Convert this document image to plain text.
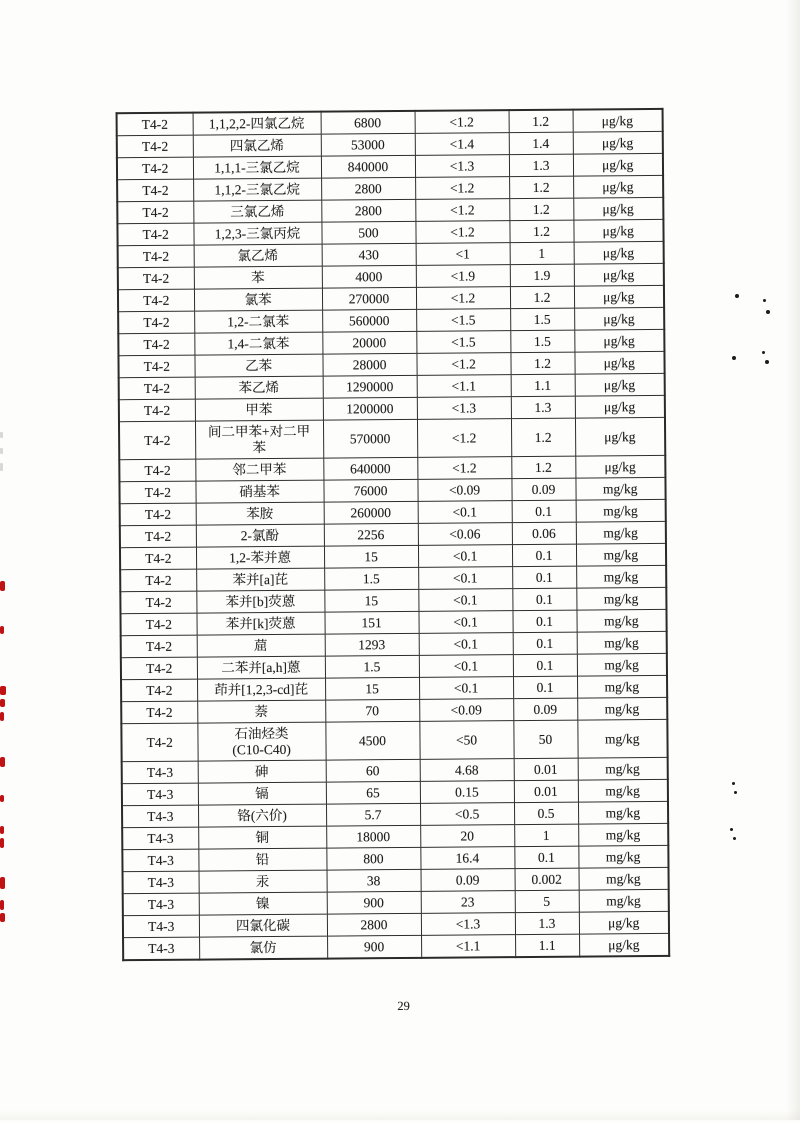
T4-2	1,1,2,2-四氯乙烷	6800	<1.2	1.2	μg/kg
T4-2	四氯乙烯	53000	<1.4	1.4	μg/kg
T4-2	1,1,1-三氯乙烷	840000	<1.3	1.3	μg/kg
T4-2	1,1,2-三氯乙烷	2800	<1.2	1.2	μg/kg
T4-2	三氯乙烯	2800	<1.2	1.2	μg/kg
T4-2	1,2,3-三氯丙烷	500	<1.2	1.2	μg/kg
T4-2	氯乙烯	430	<1	1	μg/kg
T4-2	苯	4000	<1.9	1.9	μg/kg
T4-2	氯苯	270000	<1.2	1.2	μg/kg
T4-2	1,2-二氯苯	560000	<1.5	1.5	μg/kg
T4-2	1,4-二氯苯	20000	<1.5	1.5	μg/kg
T4-2	乙苯	28000	<1.2	1.2	μg/kg
T4-2	苯乙烯	1290000	<1.1	1.1	μg/kg
T4-2	甲苯	1200000	<1.3	1.3	μg/kg
T4-2	间二甲苯+对二甲
苯	570000	<1.2	1.2	μg/kg
T4-2	邻二甲苯	640000	<1.2	1.2	μg/kg
T4-2	硝基苯	76000	<0.09	0.09	mg/kg
T4-2	苯胺	260000	<0.1	0.1	mg/kg
T4-2	2-氯酚	2256	<0.06	0.06	mg/kg
T4-2	1,2-苯并蒽	15	<0.1	0.1	mg/kg
T4-2	苯并[a]芘	1.5	<0.1	0.1	mg/kg
T4-2	苯并[b]荧蒽	15	<0.1	0.1	mg/kg
T4-2	苯并[k]荧蒽	151	<0.1	0.1	mg/kg
T4-2	䓛	1293	<0.1	0.1	mg/kg
T4-2	二苯并[a,h]蒽	1.5	<0.1	0.1	mg/kg
T4-2	茚并[1,2,3-cd]芘	15	<0.1	0.1	mg/kg
T4-2	萘	70	<0.09	0.09	mg/kg
T4-2	石油烃类
(C10-C40)	4500	<50	50	mg/kg
T4-3	砷	60	4.68	0.01	mg/kg
T4-3	镉	65	0.15	0.01	mg/kg
T4-3	铬(六价)	5.7	<0.5	0.5	mg/kg
T4-3	铜	18000	20	1	mg/kg
T4-3	铅	800	16.4	0.1	mg/kg
T4-3	汞	38	0.09	0.002	mg/kg
T4-3	镍	900	23	5	mg/kg
T4-3	四氯化碳	2800	<1.3	1.3	μg/kg
T4-3	氯仿	900	<1.1	1.1	μg/kg
29
